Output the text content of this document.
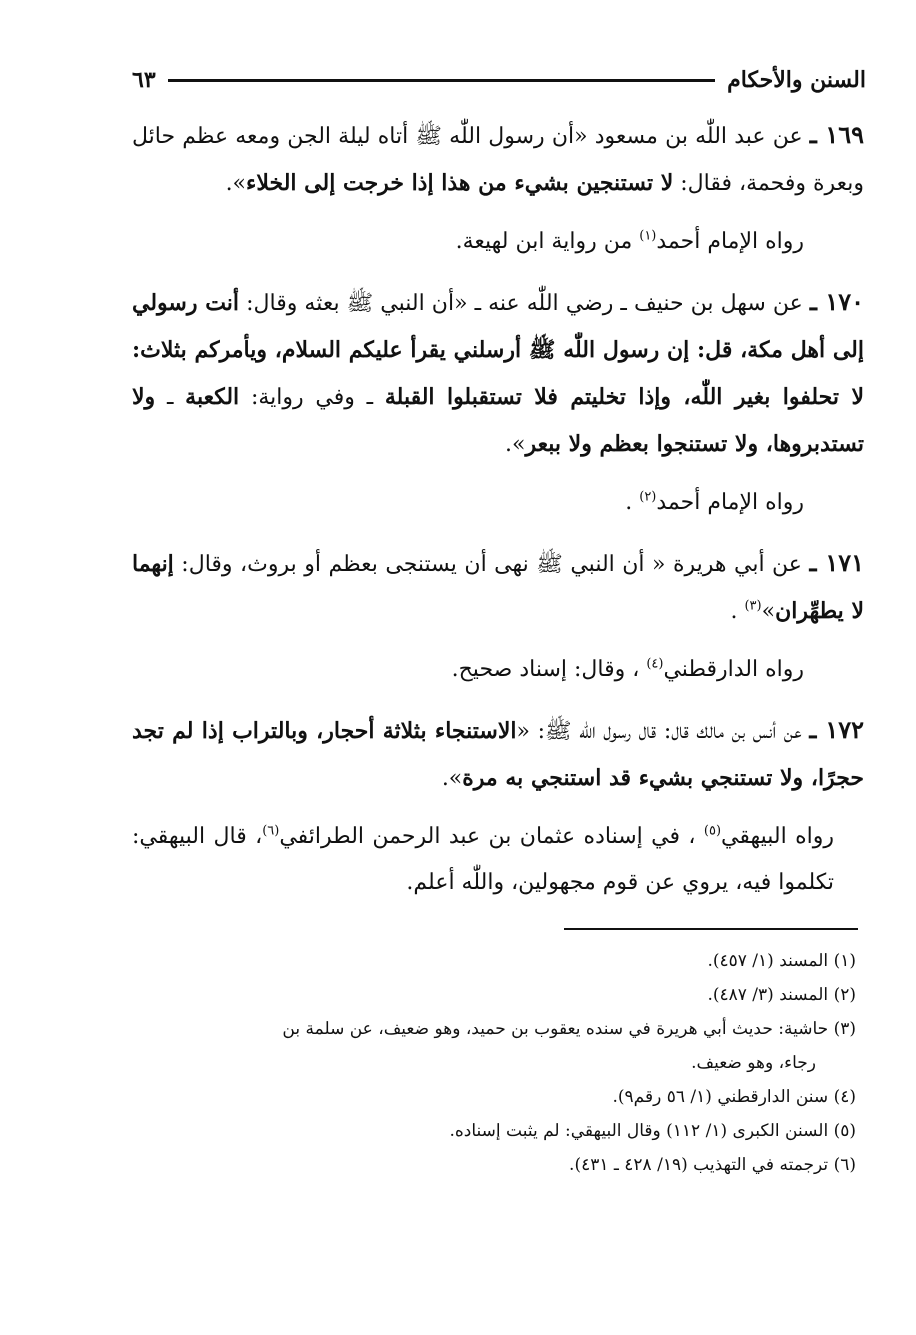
السنن والأحكام
٦٣

١٦٩ ـ عن عبد اللّٰه بن مسعود «أن رسول اللّٰه ﷺ أتاه ليلة الجن ومعه عظم حائل وبعرة وفحمة، فقال: لا تستنجين بشيء من هذا إذا خرجت إلى الخلاء».

رواه الإمام أحمد$^{(١)}$ من رواية ابن لهيعة.

١٧٠ ـ عن سهل بن حنيف ـ رضي اللّٰه عنه ـ «أن النبي ﷺ بعثه وقال: أنت رسولي إلى أهل مكة، قل: إن رسول اللّٰه ﷺ أرسلني يقرأ عليكم السلام، ويأمركم بثلاث: لا تحلفوا بغير اللّٰه، وإذا تخليتم فلا تستقبلوا القبلة ـ وفي رواية: الكعبة ـ ولا تستدبروها، ولا تستنجوا بعظم ولا ببعر».

رواه الإمام أحمد$^{(٢)}$ .

١٧١ ـ عن أبي هريرة « أن النبي ﷺ نهى أن يستنجى بعظم أو بروث، وقال: إنهما لا يطهِّران»$^{(٣)}$ .

رواه الدارقطني$^{(٤)}$ ، وقال: إسناد صحيح.

١٧٢ ـ عن أنس بن مالك قال: قال رسول اللّٰه ﷺ: «الاستنجاء بثلاثة أحجار، وبالتراب إذا لم تجد حجرًا، ولا تستنجي بشيء قد استنجي به مرة».

رواه البيهقي$^{(٥)}$ ، في إسناده عثمان بن عبد الرحمن الطرائفي$^{(٦)}$، قال البيهقي: تكلموا فيه، يروي عن قوم مجهولين، واللّٰه أعلم.

(١) المسند (١/ ٤٥٧).

(٢) المسند (٣/ ٤٨٧).

(٣) حاشية: حديث أبي هريرة في سنده يعقوب بن حميد، وهو ضعيف، عن سلمة بن
رجاء، وهو ضعيف.

(٤) سنن الدارقطني (١/ ٥٦ رقم٩).

(٥) السنن الكبرى (١/ ١١٢) وقال البيهقي: لم يثبت إسناده.

(٦) ترجمته في التهذيب (١٩/ ٤٢٨ ـ ٤٣١).
